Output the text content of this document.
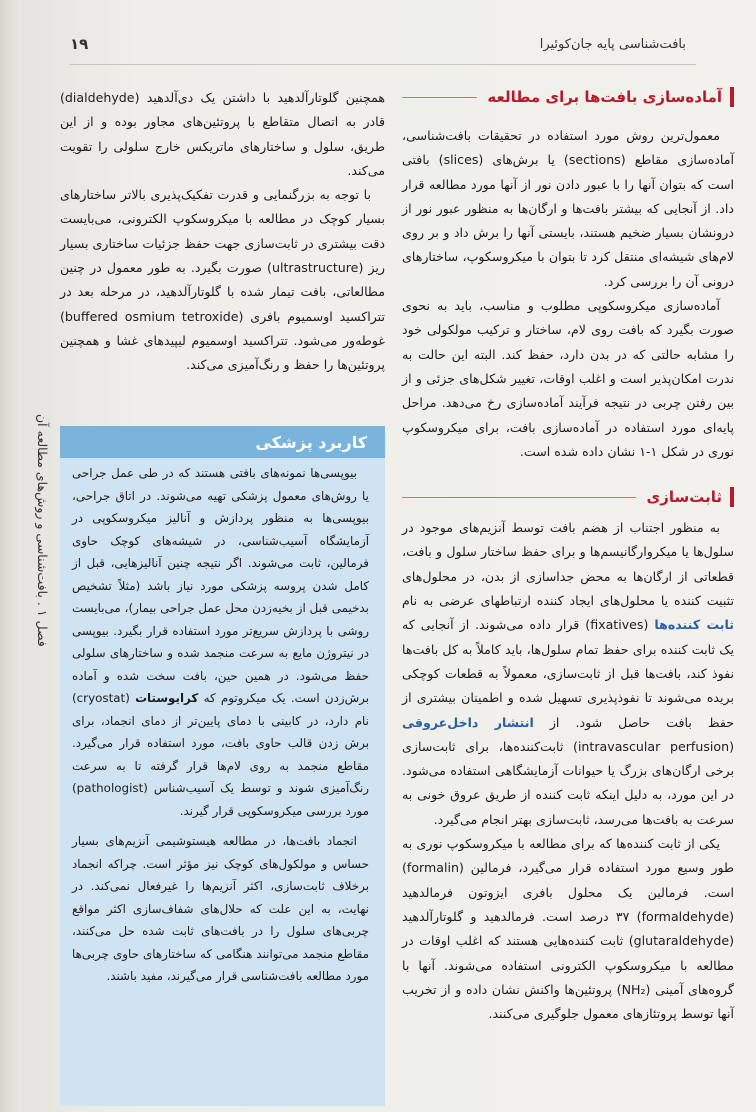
۱۹	بافت‌شناسی پایه جان‌کوئیرا
فصل ۱ . بافت‌شناسی و روش‌های مطالعه آن
آماده‌سازی بافت‌ها برای مطالعه

معمول‌ترین روش مورد استفاده در تحقیقات بافت‌شناسی، آماده‌سازی مقاطع (sections) یا برش‌های (slices) بافتی است که بتوان آنها را با عبور دادن نور از آنها مورد مطالعه قرار داد. از آنجایی که بیشتر بافت‌ها و ارگان‌ها به منظور عبور نور از درونشان بسیار ضخیم هستند، بایستی آنها را برش داد و بر روی لام‌های شیشه‌ای منتقل کرد تا بتوان با میکروسکوپ، ساختارهای درونی آن را بررسی کرد.

آماده‌سازی میکروسکوپی مطلوب و مناسب، باید به نحوی صورت بگیرد که بافت روی لام، ساختار و ترکیب مولکولی خود را مشابه حالتی که در بدن دارد، حفظ کند. البته این حالت به ندرت امکان‌پذیر است و اغلب اوقات، تغییر شکل‌های جزئی و از بین رفتن چربی در نتیجه فرآیند آماده‌سازی رخ می‌دهد. مراحل پایه‌ای مورد استفاده در آماده‌سازی بافت، برای میکروسکوپ نوری در شکل ۱-۱ نشان داده شده است.

ثابت‌سازی

به منظور اجتناب از هضم بافت توسط آنزیم‌های موجود در سلول‌ها یا میکروارگانیسم‌ها و برای حفظ ساختار سلول و بافت، قطعاتی از ارگان‌ها به محض جداسازی از بدن، در محلول‌های تثبیت کننده یا محلول‌های ایجاد کننده ارتباطهای عرضی به نام ثابت کننده‌ها (fixatives) قرار داده می‌شوند. از آنجایی که یک ثابت کننده برای حفظ تمام سلول‌ها، باید کاملاً به کل بافت‌ها نفوذ کند، بافت‌ها قبل از ثابت‌سازی، معمولاً به قطعات کوچکی بریده می‌شوند تا نفوذپذیری تسهیل شده و اطمینان بیشتری از حفظ بافت حاصل شود. از انتشار داخل‌عروقی (intravascular perfusion) ثابت‌کننده‌ها، برای ثابت‌سازی برخی ارگان‌های بزرگ یا حیوانات آزمایشگاهی استفاده می‌شود. در این مورد، به دلیل اینکه ثابت کننده از طریق عروق خونی به سرعت به بافت‌ها می‌رسد، ثابت‌سازی بهتر انجام می‌گیرد.

یکی از ثابت کننده‌ها که برای مطالعه با میکروسکوپ نوری به طور وسیع مورد استفاده قرار می‌گیرد، فرمالین (formalin) است. فرمالین یک محلول بافری ایزوتون فرمالدهید (formaldehyde) ۳۷ درصد است. فرمالدهید و گلوتارآلدهید (glutaraldehyde) ثابت کننده‌هایی هستند که اغلب اوقات در مطالعه با میکروسکوپ الکترونی استفاده می‌شوند. آنها با گروه‌های آمینی (NH₂) پروتئین‌ها واکنش نشان داده و از تخریب آنها توسط پروتئازهای معمول جلوگیری می‌کنند.

همچنین گلوتارآلدهید با داشتن یک دی‌آلدهید (dialdehyde) قادر به اتصال متقاطع با پروتئین‌های مجاور بوده و از این طریق، سلول و ساختارهای ماتریکس خارج سلولی را تقویت می‌کند.

با توجه به بزرگنمایی و قدرت تفکیک‌پذیری بالاتر ساختارهای بسیار کوچک در مطالعه با میکروسکوپ الکترونی، می‌بایست دقت بیشتری در ثابت‌سازی جهت حفظ جزئیات ساختاری بسیار ریز (ultrastructure) صورت بگیرد. به طور معمول در چنین مطالعاتی، بافت تیمار شده با گلوتارآلدهید، در مرحله بعد در تتراکسید اوسمیوم بافری (buffered osmium tetroxide) غوطه‌ور می‌شود. تتراکسید اوسمیوم لیپیدهای غشا و همچنین پروتئین‌ها را حفظ و رنگ‌آمیزی می‌کند.

کاربرد پزشکی

بیوپسی‌ها نمونه‌های بافتی هستند که در طی عمل جراحی یا روش‌های معمول پزشکی تهیه می‌شوند. در اتاق جراحی، بیوپسی‌ها به منظور پردازش و آنالیز میکروسکوپی در آزمایشگاه آسیب‌شناسی، در شیشه‌های کوچک حاوی فرمالین، ثابت می‌شوند. اگر نتیجه چنین آنالیزهایی، قبل از کامل شدن پروسه پزشکی مورد نیاز باشد (مثلاً تشخیص بدخیمی قبل از بخیه‌زدن محل عمل جراحی بیمار)، می‌بایست روشی با پردازش سریع‌تر مورد استفاده قرار بگیرد. بیوپسی در نیتروژن مایع به سرعت منجمد شده و ساختارهای سلولی حفظ می‌شود. در همین حین، بافت سخت شده و آماده برش‌زدن است. یک میکروتوم که کرایوستات (cryostat) نام دارد، در کابینی با دمای پایین‌تر از دمای انجماد، برای برش زدن قالب حاوی بافت، مورد استفاده قرار می‌گیرد. مقاطع منجمد به روی لام‌ها قرار گرفته تا به سرعت رنگ‌آمیزی شوند و توسط یک آسیب‌شناس (pathologist) مورد بررسی میکروسکوپی قرار گیرند.

انجماد بافت‌ها، در مطالعه هیستوشیمی آنزیم‌های بسیار حساس و مولکول‌های کوچک نیز مؤثر است. چراکه انجماد برخلاف ثابت‌سازی، اکثر آنزیم‌ها را غیرفعال نمی‌کند. در نهایت، به این علت که حلال‌های شفاف‌سازی اکثر مواقع چربی‌های سلول را در بافت‌های ثابت شده حل می‌کنند، مقاطع منجمد می‌توانند هنگامی که ساختارهای حاوی چربی‌ها مورد مطالعه بافت‌شناسی قرار می‌گیرند، مفید باشند.
